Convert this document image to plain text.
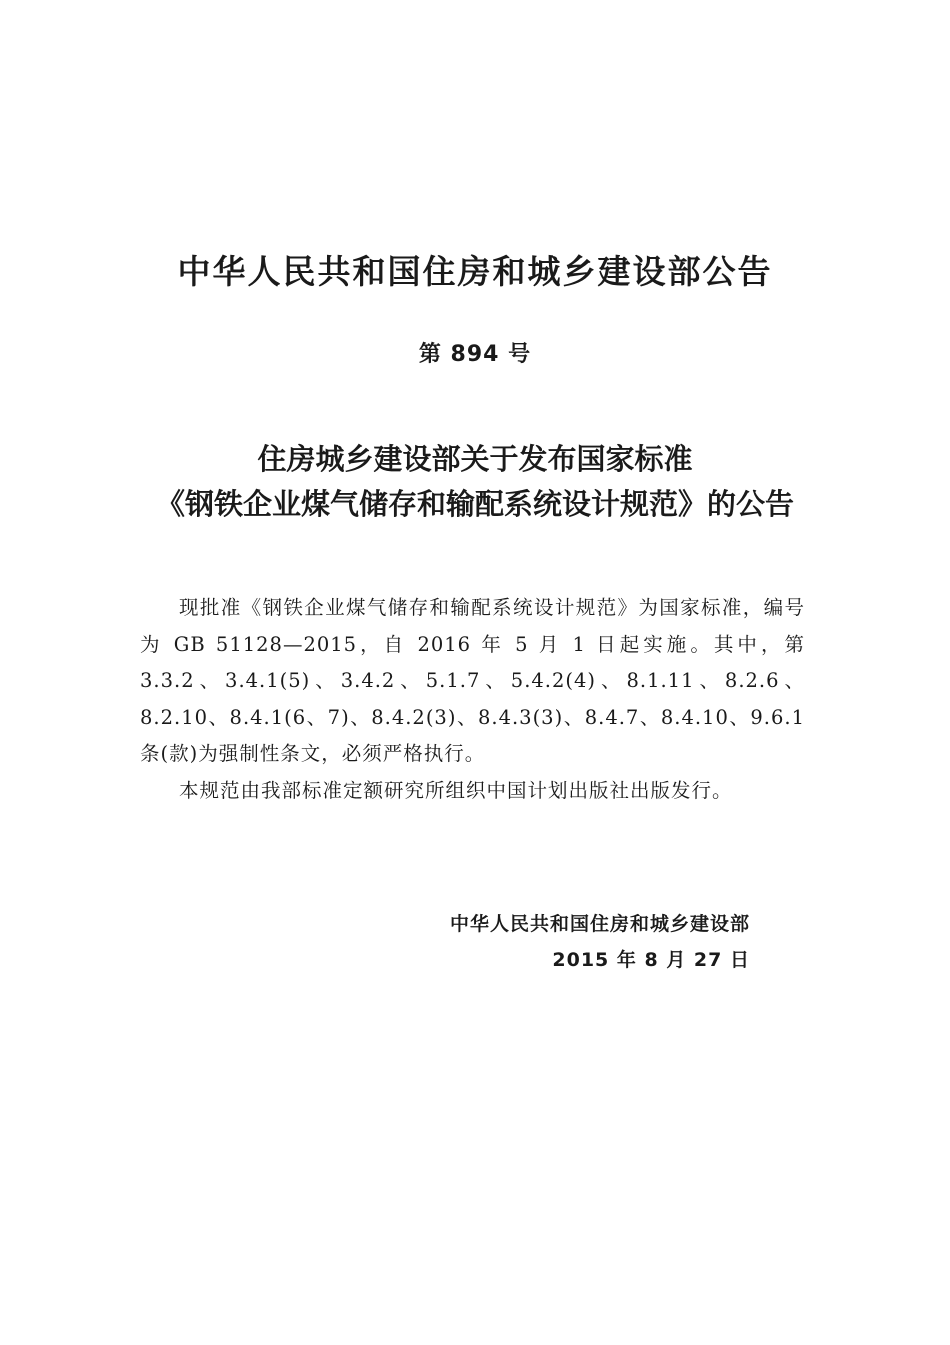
中华人民共和国住房和城乡建设部公告
第 894 号
住房城乡建设部关于发布国家标准
《钢铁企业煤气储存和输配系统设计规范》的公告

现批准《钢铁企业煤气储存和输配系统设计规范》为国家标准，编号为 GB 51128—2015，自 2016 年 5 月 1 日起实施。其中，第 3.3.2、3.4.1(5)、3.4.2、5.1.7、5.4.2(4)、8.1.11、8.2.6、8.2.10、8.4.1(6、7)、8.4.2(3)、8.4.3(3)、8.4.7、8.4.10、9.6.1 条(款)为强制性条文，必须严格执行。

本规范由我部标准定额研究所组织中国计划出版社出版发行。

中华人民共和国住房和城乡建设部
2015 年 8 月 27 日
